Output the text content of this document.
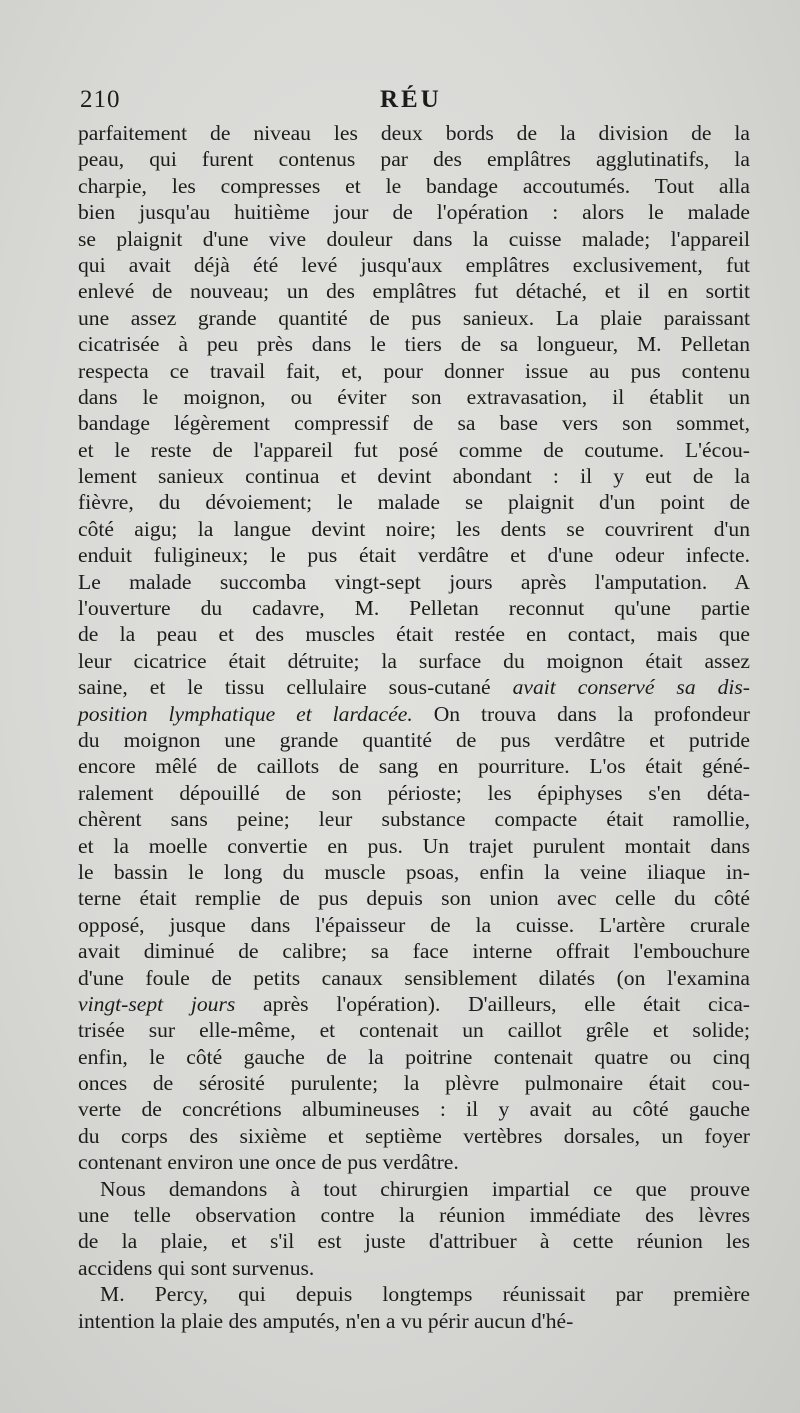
210	RÉU
parfaitement de niveau les deux bords de la division de la
peau, qui furent contenus par des emplâtres agglutinatifs, la
charpie, les compresses et le bandage accoutumés. Tout alla
bien jusqu'au huitième jour de l'opération : alors le malade
se plaignit d'une vive douleur dans la cuisse malade; l'appareil
qui avait déjà été levé jusqu'aux emplâtres exclusivement, fut
enlevé de nouveau; un des emplâtres fut détaché, et il en sortit
une assez grande quantité de pus sanieux. La plaie paraissant
cicatrisée à peu près dans le tiers de sa longueur, M. Pelletan
respecta ce travail fait, et, pour donner issue au pus contenu
dans le moignon, ou éviter son extravasation, il établit un
bandage légèrement compressif de sa base vers son sommet,
et le reste de l'appareil fut posé comme de coutume. L'écou-
lement sanieux continua et devint abondant : il y eut de la
fièvre, du dévoiement; le malade se plaignit d'un point de
côté aigu; la langue devint noire; les dents se couvrirent d'un
enduit fuligineux; le pus était verdâtre et d'une odeur infecte.
Le malade succomba vingt-sept jours après l'amputation. A
l'ouverture du cadavre, M. Pelletan reconnut qu'une partie
de la peau et des muscles était restée en contact, mais que
leur cicatrice était détruite; la surface du moignon était assez
saine, et le tissu cellulaire sous-cutané avait conservé sa dis-
position lymphatique et lardacée. On trouva dans la profondeur
du moignon une grande quantité de pus verdâtre et putride
encore mêlé de caillots de sang en pourriture. L'os était géné-
ralement dépouillé de son périoste; les épiphyses s'en déta-
chèrent sans peine; leur substance compacte était ramollie,
et la moelle convertie en pus. Un trajet purulent montait dans
le bassin le long du muscle psoas, enfin la veine iliaque in-
terne était remplie de pus depuis son union avec celle du côté
opposé, jusque dans l'épaisseur de la cuisse. L'artère crurale
avait diminué de calibre; sa face interne offrait l'embouchure
d'une foule de petits canaux sensiblement dilatés (on l'examina
vingt-sept jours après l'opération). D'ailleurs, elle était cica-
trisée sur elle-même, et contenait un caillot grêle et solide;
enfin, le côté gauche de la poitrine contenait quatre ou cinq
onces de sérosité purulente; la plèvre pulmonaire était cou-
verte de concrétions albumineuses : il y avait au côté gauche
du corps des sixième et septième vertèbres dorsales, un foyer
contenant environ une once de pus verdâtre.
Nous demandons à tout chirurgien impartial ce que prouve
une telle observation contre la réunion immédiate des lèvres
de la plaie, et s'il est juste d'attribuer à cette réunion les
accidens qui sont survenus.
M. Percy, qui depuis longtemps réunissait par première
intention la plaie des amputés, n'en a vu périr aucun d'hé-
